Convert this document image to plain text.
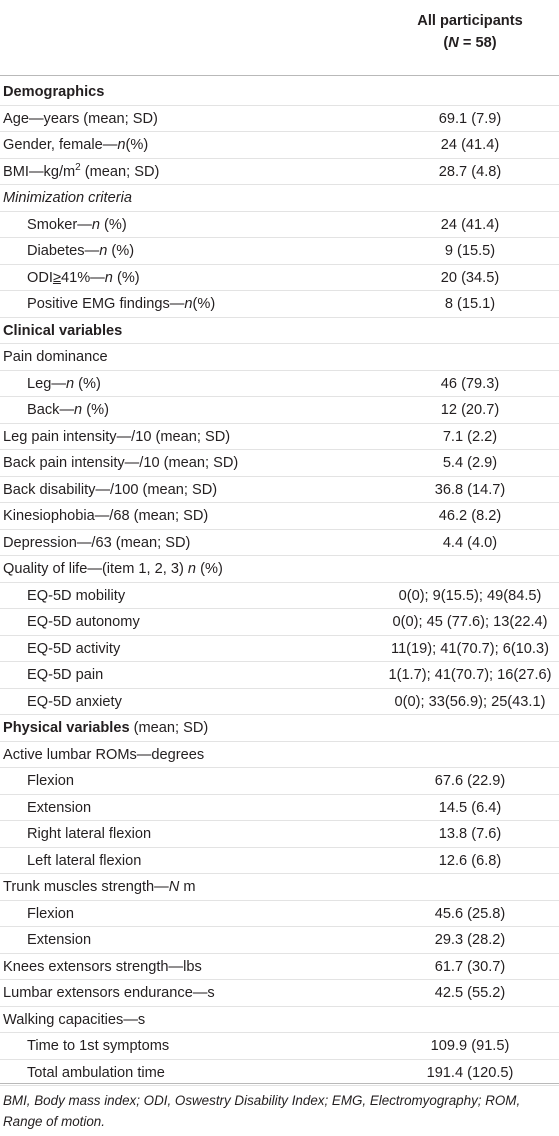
All participants
(N = 58)
Demographics
Age—years (mean; SD)	69.1 (7.9)
Gender, female—n(%)	24 (41.4)
$BMI—kg/m^2$ (mean; SD)	28.7 (4.8)
Minimization criteria
Smoker—n (%)	24 (41.4)
Diabetes—n (%)	9 (15.5)
ODI≥41%—n (%)	20 (34.5)
Positive EMG findings—n(%)	8 (15.1)
Clinical variables
Pain dominance
Leg—n (%)	46 (79.3)
Back—n (%)	12 (20.7)
Leg pain intensity—/10 (mean; SD)	7.1 (2.2)
Back pain intensity—/10 (mean; SD)	5.4 (2.9)
Back disability—/100 (mean; SD)	36.8 (14.7)
Kinesiophobia—/68 (mean; SD)	46.2 (8.2)
Depression—/63 (mean; SD)	4.4 (4.0)
Quality of life—(item 1, 2, 3) n (%)
EQ-5D mobility	0(0); 9(15.5); 49(84.5)
EQ-5D autonomy	0(0); 45 (77.6); 13(22.4)
EQ-5D activity	11(19); 41(70.7); 6(10.3)
EQ-5D pain	1(1.7); 41(70.7); 16(27.6)
EQ-5D anxiety	0(0); 33(56.9); 25(43.1)
Physical variables (mean; SD)
Active lumbar ROMs—degrees
Flexion	67.6 (22.9)
Extension	14.5 (6.4)
Right lateral flexion	13.8 (7.6)
Left lateral flexion	12.6 (6.8)
Trunk muscles strength—N m
Flexion	45.6 (25.8)
Extension	29.3 (28.2)
Knees extensors strength—lbs	61.7 (30.7)
Lumbar extensors endurance—s	42.5 (55.2)
Walking capacities—s
Time to 1st symptoms	109.9 (91.5)
Total ambulation time	191.4 (120.5)
BMI, Body mass index; ODI, Oswestry Disability Index; EMG, Electromyography; ROM, Range of motion.
